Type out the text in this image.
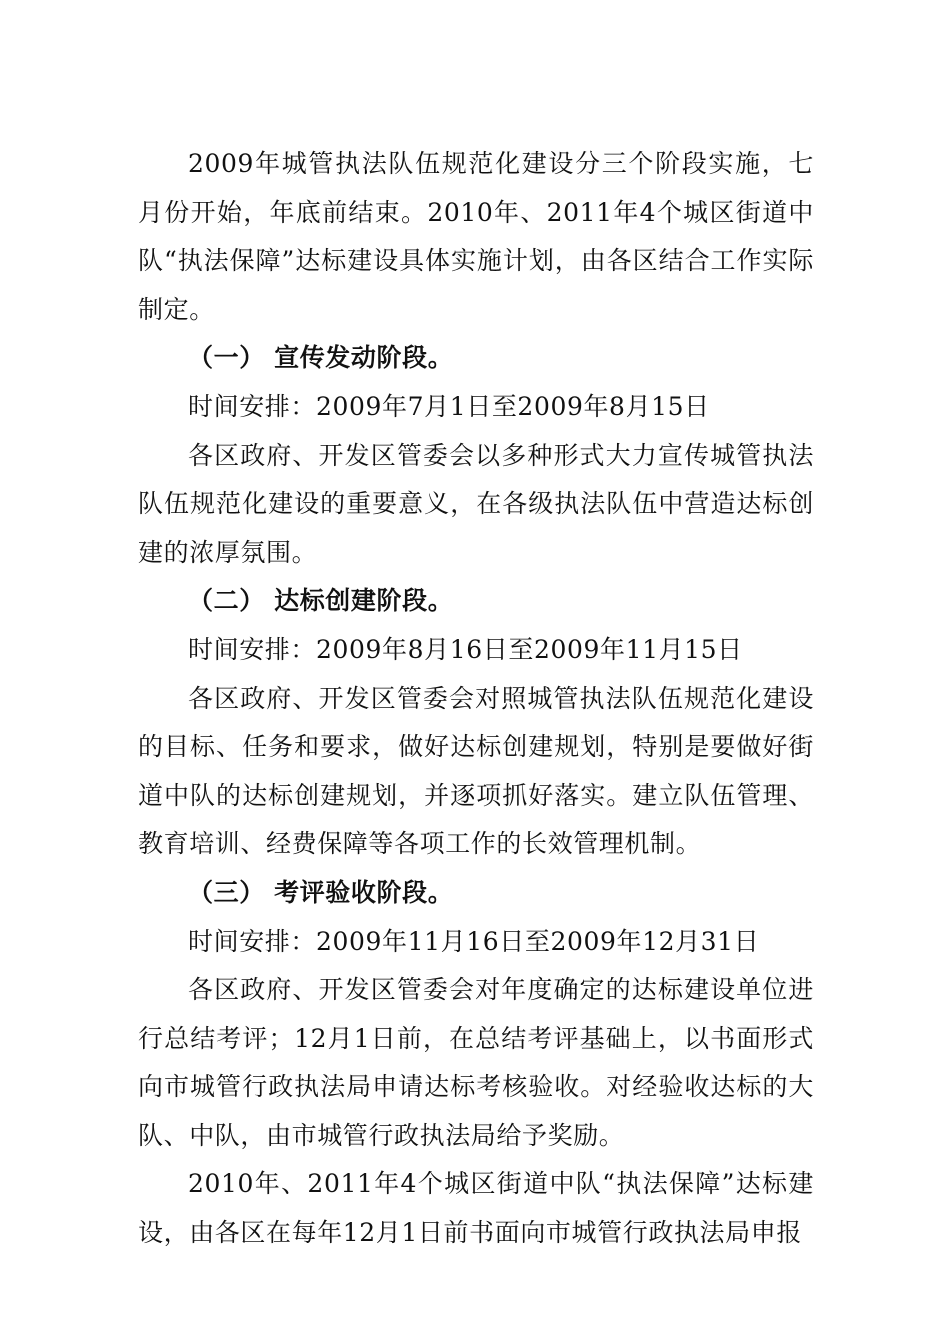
2009年城管执法队伍规范化建设分三个阶段实施，七月份开始，年底前结束。2010年、2011年4个城区街道中队“执法保障”达标建设具体实施计划，由各区结合工作实际制定。

（一） 宣传发动阶段。

时间安排：2009年7月1日至2009年8月15日

各区政府、开发区管委会以多种形式大力宣传城管执法队伍规范化建设的重要意义，在各级执法队伍中营造达标创建的浓厚氛围。

（二） 达标创建阶段。

时间安排：2009年8月16日至2009年11月15日

各区政府、开发区管委会对照城管执法队伍规范化建设的目标、任务和要求，做好达标创建规划，特别是要做好街道中队的达标创建规划，并逐项抓好落实。建立队伍管理、教育培训、经费保障等各项工作的长效管理机制。

（三） 考评验收阶段。

时间安排：2009年11月16日至2009年12月31日

各区政府、开发区管委会对年度确定的达标建设单位进行总结考评；12月1日前，在总结考评基础上，以书面形式向市城管行政执法局申请达标考核验收。对经验收达标的大队、中队，由市城管行政执法局给予奖励。

2010年、2011年4个城区街道中队“执法保障”达标建设，由各区在每年12月1日前书面向市城管行政执法局申报
